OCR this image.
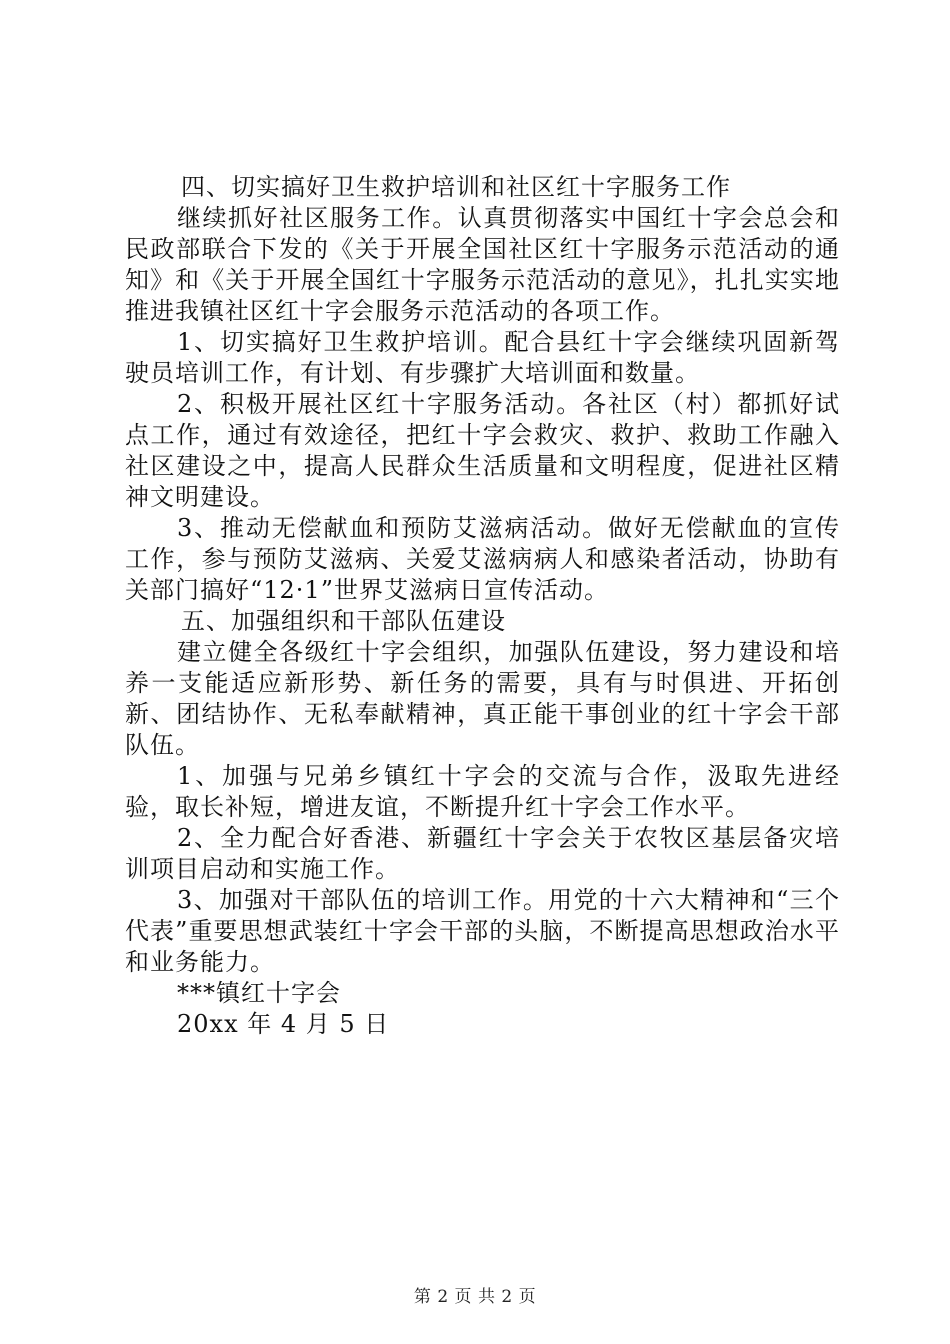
四、切实搞好卫生救护培训和社区红十字服务工作

继续抓好社区服务工作。认真贯彻落实中国红十字会总会和民政部联合下发的《关于开展全国社区红十字服务示范活动的通知》和《关于开展全国红十字服务示范活动的意见》，扎扎实实地推进我镇社区红十字会服务示范活动的各项工作。

1、切实搞好卫生救护培训。配合县红十字会继续巩固新驾驶员培训工作，有计划、有步骤扩大培训面和数量。

2、积极开展社区红十字服务活动。各社区（村）都抓好试点工作，通过有效途径，把红十字会救灾、救护、救助工作融入社区建设之中，提高人民群众生活质量和文明程度，促进社区精神文明建设。

3、推动无偿献血和预防艾滋病活动。做好无偿献血的宣传工作，参与预防艾滋病、关爱艾滋病病人和感染者活动，协助有关部门搞好“12·1”世界艾滋病日宣传活动。

五、加强组织和干部队伍建设

建立健全各级红十字会组织，加强队伍建设，努力建设和培养一支能适应新形势、新任务的需要，具有与时俱进、开拓创新、团结协作、无私奉献精神，真正能干事创业的红十字会干部队伍。

1、加强与兄弟乡镇红十字会的交流与合作，汲取先进经验，取长补短，增进友谊，不断提升红十字会工作水平。

2、全力配合好香港、新疆红十字会关于农牧区基层备灾培训项目启动和实施工作。

3、加强对干部队伍的培训工作。用党的十六大精神和“三个代表”重要思想武装红十字会干部的头脑，不断提高思想政治水平和业务能力。

***镇红十字会

20xx 年 4 月 5 日

第 2 页 共 2 页
